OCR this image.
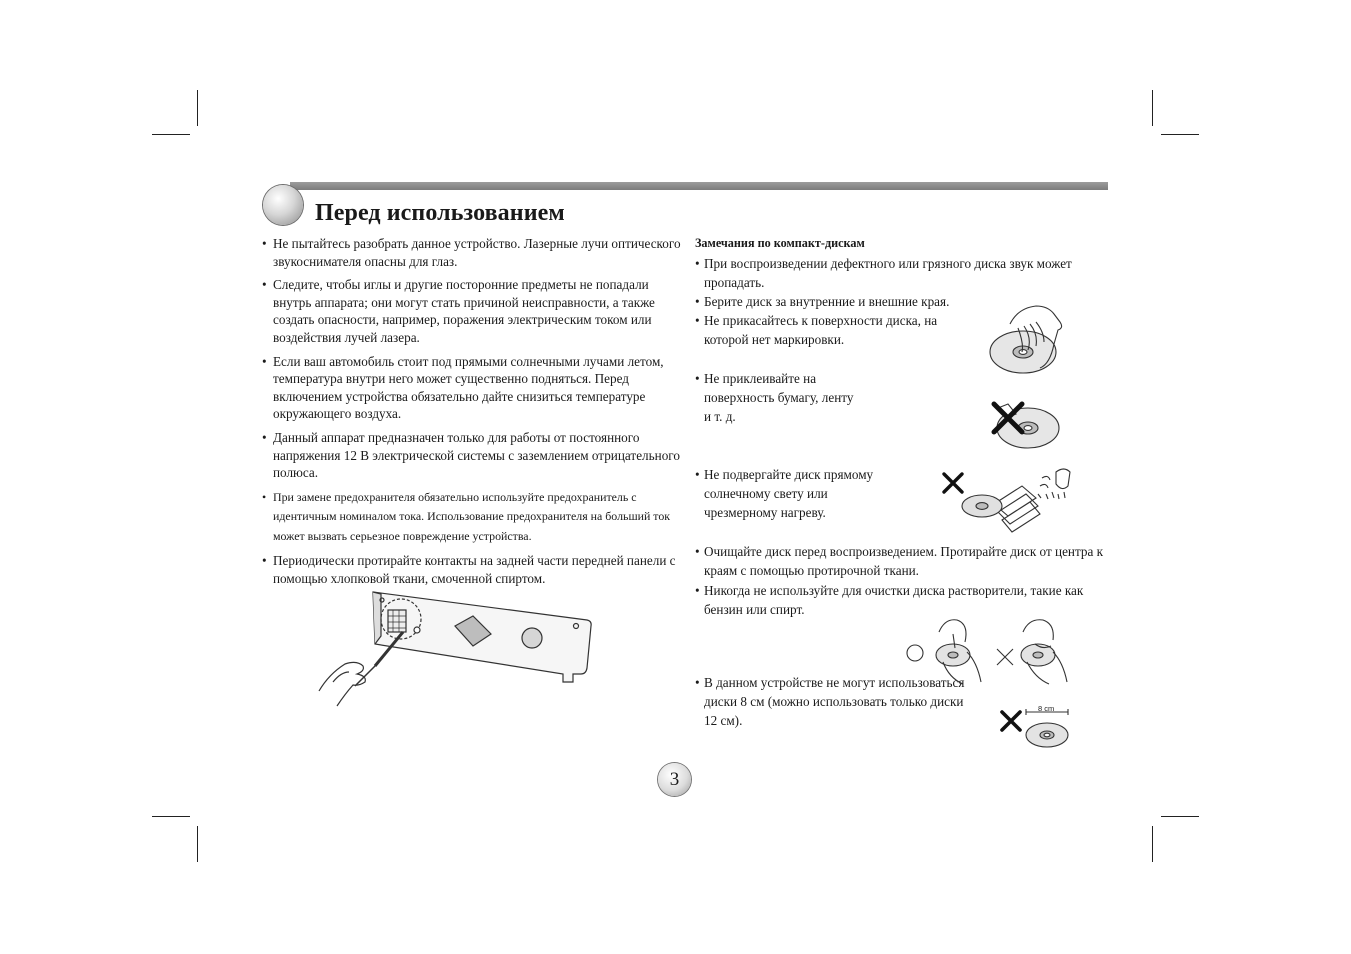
Перед использованием

• Не пытайтесь разобрать данное устройство. Лазерные лучи оптического звукоснимателя опасны для глаз.

• Следите, чтобы иглы и другие посторонние предметы не попадали внутрь аппарата; они могут стать причиной неисправности, а также создать опасности, например, поражения электрическим током или воздействия лучей лазера.

• Если ваш автомобиль стоит под прямыми солнечными лучами летом, температура внутри него может существенно подняться. Перед включением устройства обязательно дайте снизиться температуре окружающего воздуха.

• Данный аппарат предназначен только для работы от постоянного напряжения 12 В электрической системы с заземлением отрицательного полюса.

• При замене предохранителя обязательно используйте предохранитель с идентичным номиналом тока. Использование предохранителя на больший ток может вызвать серьезное повреждение устройства.

• Периодически протирайте контакты на задней части передней панели с помощью хлопковой ткани, смоченной спиртом.

Замечания по компакт-дискам

• При воспроизведении дефектного или грязного диска звук может пропадать.

• Берите диск за внутренние и внешние края.

• Не прикасайтесь к поверхности диска, на которой нет маркировки.

• Не приклеивайте на поверхность бумагу, ленту и т. д.

• Не подвергайте диск прямому солнечному свету или чрезмерному нагреву.

• Очищайте диск перед воспроизведением. Протирайте диск от центра к краям с помощью протирочной ткани.

• Никогда не используйте для очистки диска растворители, такие как бензин или спирт.

• В данном устройстве не могут использоваться диски 8 см (можно использовать только диски 12 см).

8 cm
3
